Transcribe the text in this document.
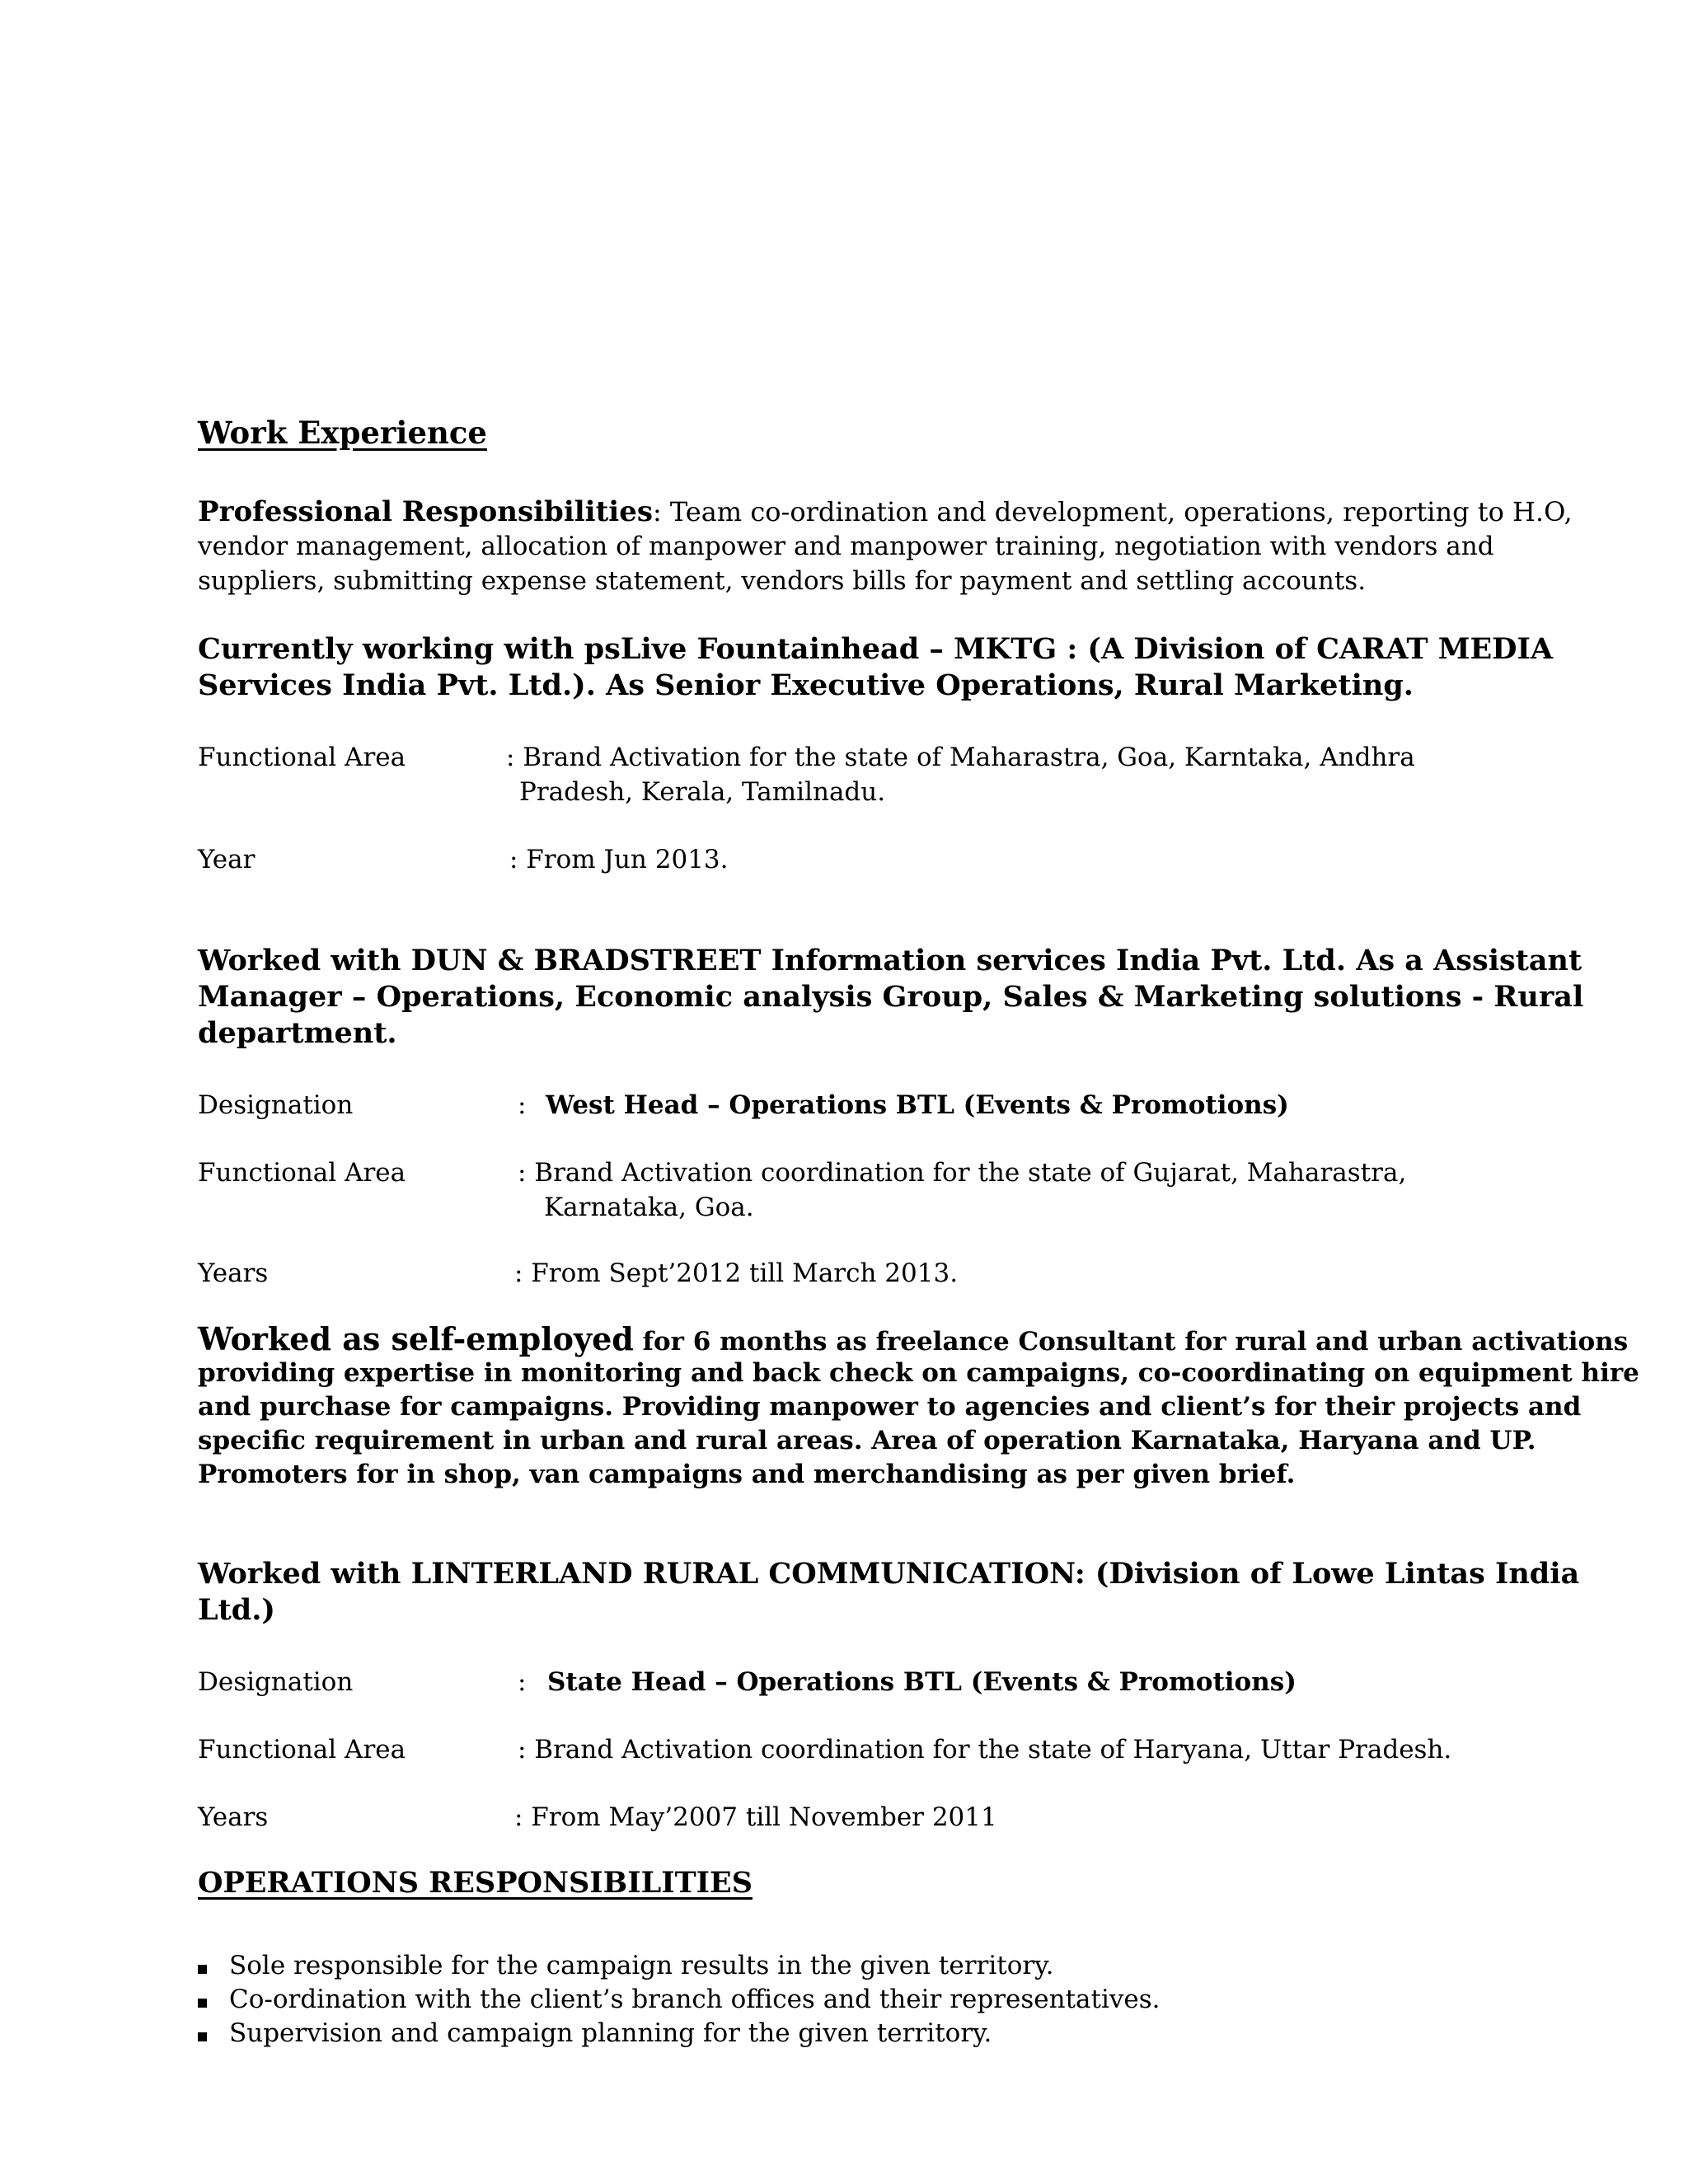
Work Experience
Professional Responsibilities: Team co-ordination and development, operations, reporting to H.O,
vendor management, allocation of manpower and manpower training, negotiation with vendors and
suppliers, submitting expense statement, vendors bills for payment and settling accounts.
Currently working with psLive Fountainhead – MKTG : (A Division of CARAT MEDIA
Services India Pvt. Ltd.). As Senior Executive Operations, Rural Marketing.
Functional Area	: Brand Activation for the state of Maharastra, Goa, Karntaka, Andhra
Pradesh, Kerala, Tamilnadu.
Year	: From Jun 2013.
Worked with DUN & BRADSTREET Information services India Pvt. Ltd. As a Assistant
Manager – Operations, Economic analysis Group, Sales & Marketing solutions - Rural
department.
Designation	: West Head – Operations BTL (Events & Promotions)
Functional Area	: Brand Activation coordination for the state of Gujarat, Maharastra,
Karnataka, Goa.
Years	: From Sept’2012 till March 2013.
Worked as self-employed for 6 months as freelance Consultant for rural and urban activations
providing expertise in monitoring and back check on campaigns, co-coordinating on equipment hire
and purchase for campaigns. Providing manpower to agencies and client’s for their projects and
specific requirement in urban and rural areas. Area of operation Karnataka, Haryana and UP.
Promoters for in shop, van campaigns and merchandising as per given brief.
Worked with LINTERLAND RURAL COMMUNICATION: (Division of Lowe Lintas India
Ltd.)
Designation	: State Head – Operations BTL (Events & Promotions)
Functional Area	: Brand Activation coordination for the state of Haryana, Uttar Pradesh.
Years	: From May’2007 till November 2011
OPERATIONS RESPONSIBILITIES
Sole responsible for the campaign results in the given territory.
Co-ordination with the client’s branch offices and their representatives.
Supervision and campaign planning for the given territory.
